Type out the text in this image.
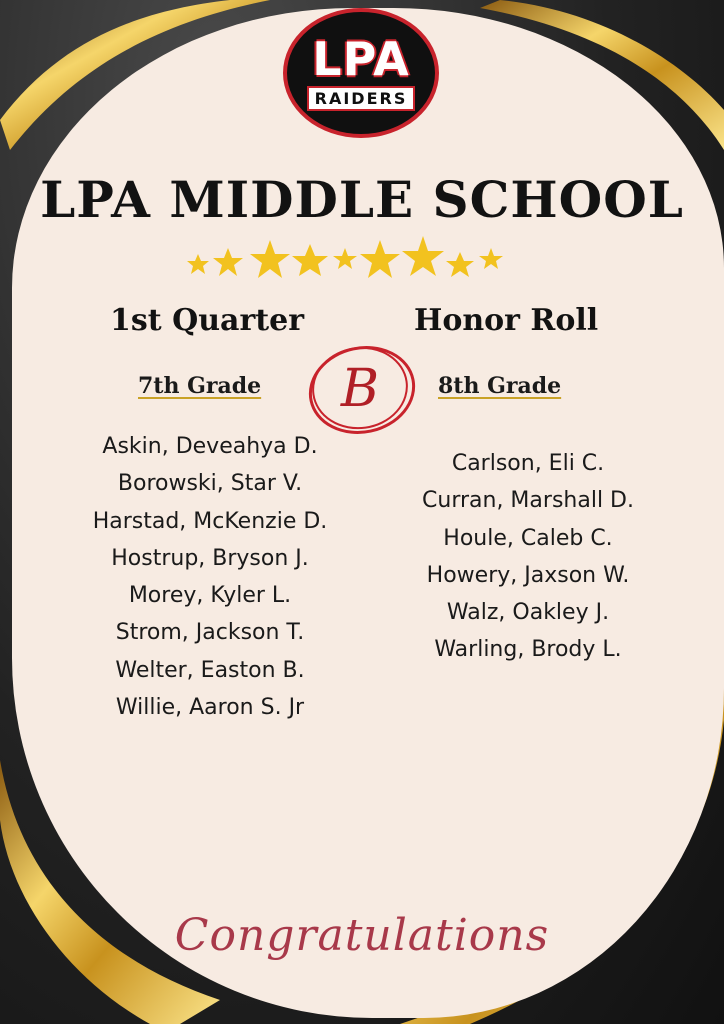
LPA
RAIDERS
LPA MIDDLE SCHOOL
1st Quarter	Honor Roll
7th Grade	8th Grade
B
Askin, Deveahya D.
Borowski, Star V.
Harstad, McKenzie D.
Hostrup, Bryson J.
Morey, Kyler L.
Strom, Jackson T.
Welter, Easton B.
Willie, Aaron S. Jr
Carlson, Eli C.
Curran, Marshall D.
Houle, Caleb C.
Howery, Jaxson W.
Walz, Oakley J.
Warling, Brody L.
Congratulations
